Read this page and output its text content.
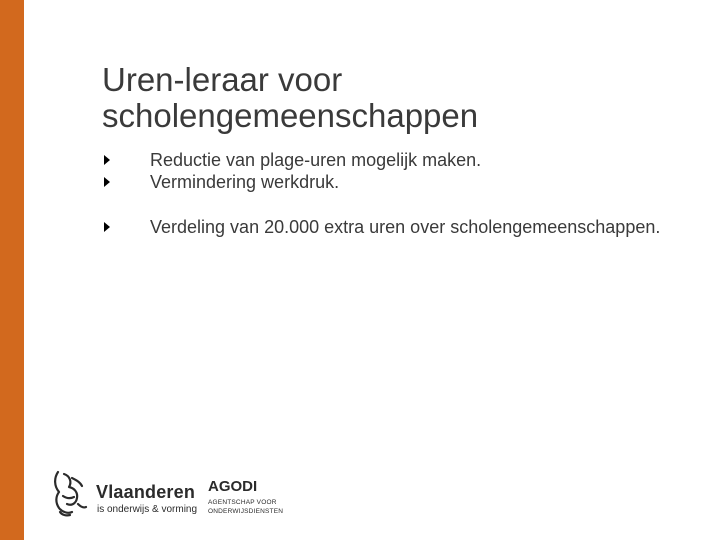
Uren-leraar voor scholengemeenschappen
Reductie van plage-uren mogelijk maken.
Vermindering werkdruk.
Verdeling van 20.000 extra uren over scholengemeenschappen.
Vlaanderen
is onderwijs & vorming
AGODI
AGENTSCHAP VOOR
ONDERWIJSDIENSTEN
